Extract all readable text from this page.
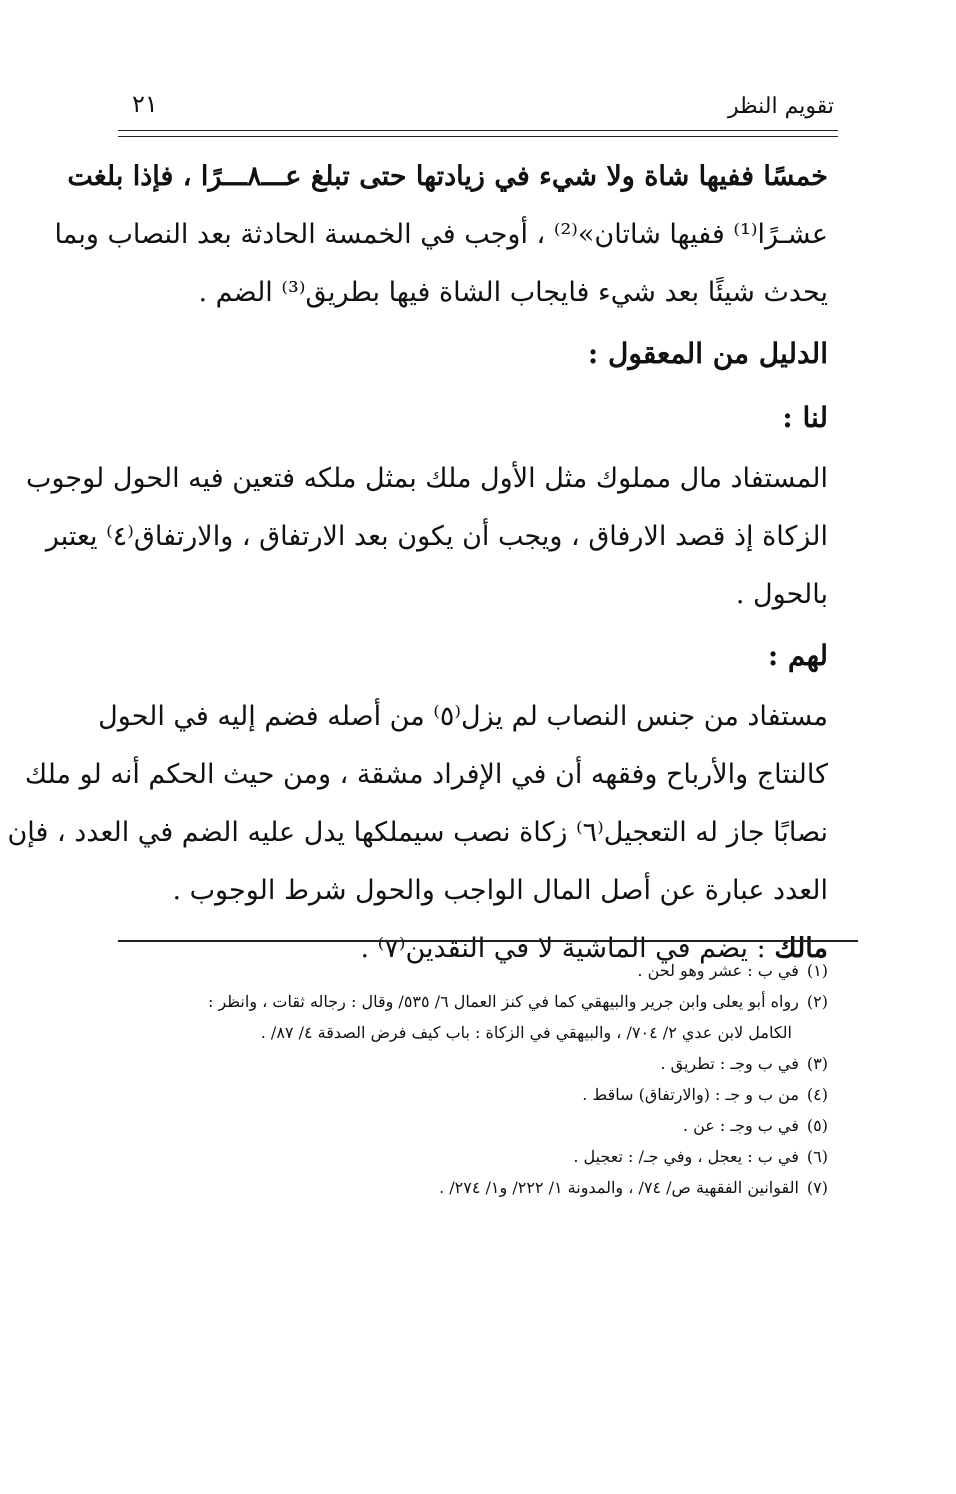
تقويم النظر
٢١
خمسًا ففيها شاة ولا شيء في زيادتها حتى تبلغ عـــ٨ـــرًا ، فإذا بلغت
عشـرًا⁽¹⁾ ففيها شاتان»⁽²⁾ ، أوجب في الخمسة الحادثة بعد النصاب وبما
يحدث شيئًا بعد شيء فايجاب الشاة فيها بطريق⁽³⁾ الضم .
الدليل من المعقول :
لنا :
المستفاد مال مملوك مثل الأول ملك بمثل ملكه فتعين فيه الحول لوجوب
الزكاة إذ قصد الارفاق ، ويجب أن يكون بعد الارتفاق ، والارتفاق⁽٤⁾ يعتبر
بالحول .
لهم :
مستفاد من جنس النصاب لم يزل⁽٥⁾ من أصله فضم إليه في الحول
كالنتاج والأرباح وفقهه أن في الإفراد مشقة ، ومن حيث الحكم أنه لو ملك
نصابًا جاز له التعجيل⁽٦⁾ زكاة نصب سيملكها يدل عليه الضم في العدد ، فإن
العدد عبارة عن أصل المال الواجب والحول شرط الوجوب .
مالك : يضم في الماشية لا في النقدين⁽٧⁾ .
(١)في ب : عشر وهو لحن .
(٢)رواه أبو يعلى وابن جرير والبيهقي كما في كنز العمال ٦/ ٥٣٥/ وقال : رجاله ثقات ، وانظر :
الكامل لابن عدي ٢/ ٧٠٤/ ، والبيهقي في الزكاة : باب كيف فرض الصدقة ٤/ ٨٧/ .
(٣)في ب وجـ : تطريق .
(٤)من ب و جـ : (والارتفاق) ساقط .
(٥)في ب وجـ : عن .
(٦)في ب : يعجل ، وفي جـ/ : تعجيل .
(٧)القوانين الفقهية ص/ ٧٤/ ، والمدونة ١/ ٢٢٢/ و١/ ٢٧٤/ .
